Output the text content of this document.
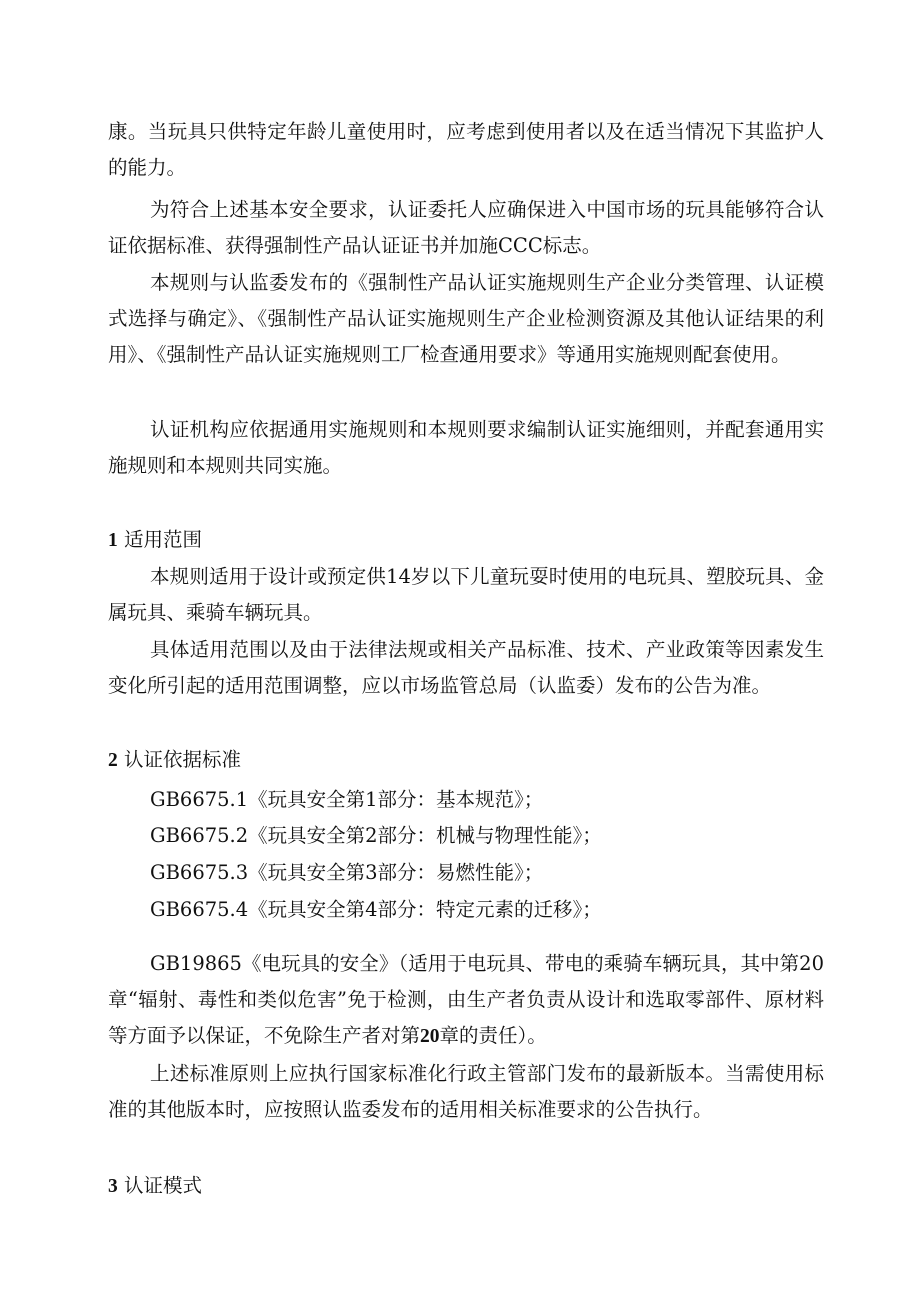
康。当玩具只供特定年龄儿童使用时，应考虑到使用者以及在适当情况下其监护人的能力。

为符合上述基本安全要求，认证委托人应确保进入中国市场的玩具能够符合认证依据标准、获得强制性产品认证证书并加施CCC标志。

本规则与认监委发布的《强制性产品认证实施规则生产企业分类管理、认证模式选择与确定》、《强制性产品认证实施规则生产企业检测资源及其他认证结果的利用》、《强制性产品认证实施规则工厂检查通用要求》等通用实施规则配套使用。

认证机构应依据通用实施规则和本规则要求编制认证实施细则，并配套通用实施规则和本规则共同实施。

1 适用范围

本规则适用于设计或预定供14岁以下儿童玩耍时使用的电玩具、塑胶玩具、金属玩具、乘骑车辆玩具。

具体适用范围以及由于法律法规或相关产品标准、技术、产业政策等因素发生变化所引起的适用范围调整，应以市场监管总局（认监委）发布的公告为准。

2 认证依据标准
GB6675.1《玩具安全第1部分：基本规范》；
GB6675.2《玩具安全第2部分：机械与物理性能》；
GB6675.3《玩具安全第3部分：易燃性能》；
GB6675.4《玩具安全第4部分：特定元素的迁移》；

GB19865《电玩具的安全》（适用于电玩具、带电的乘骑车辆玩具，其中第20章“辐射、毒性和类似危害”免于检测，由生产者负责从设计和选取零部件、原材料等方面予以保证，不免除生产者对第20章的责任）。

上述标准原则上应执行国家标准化行政主管部门发布的最新版本。当需使用标准的其他版本时，应按照认监委发布的适用相关标准要求的公告执行。

3 认证模式
